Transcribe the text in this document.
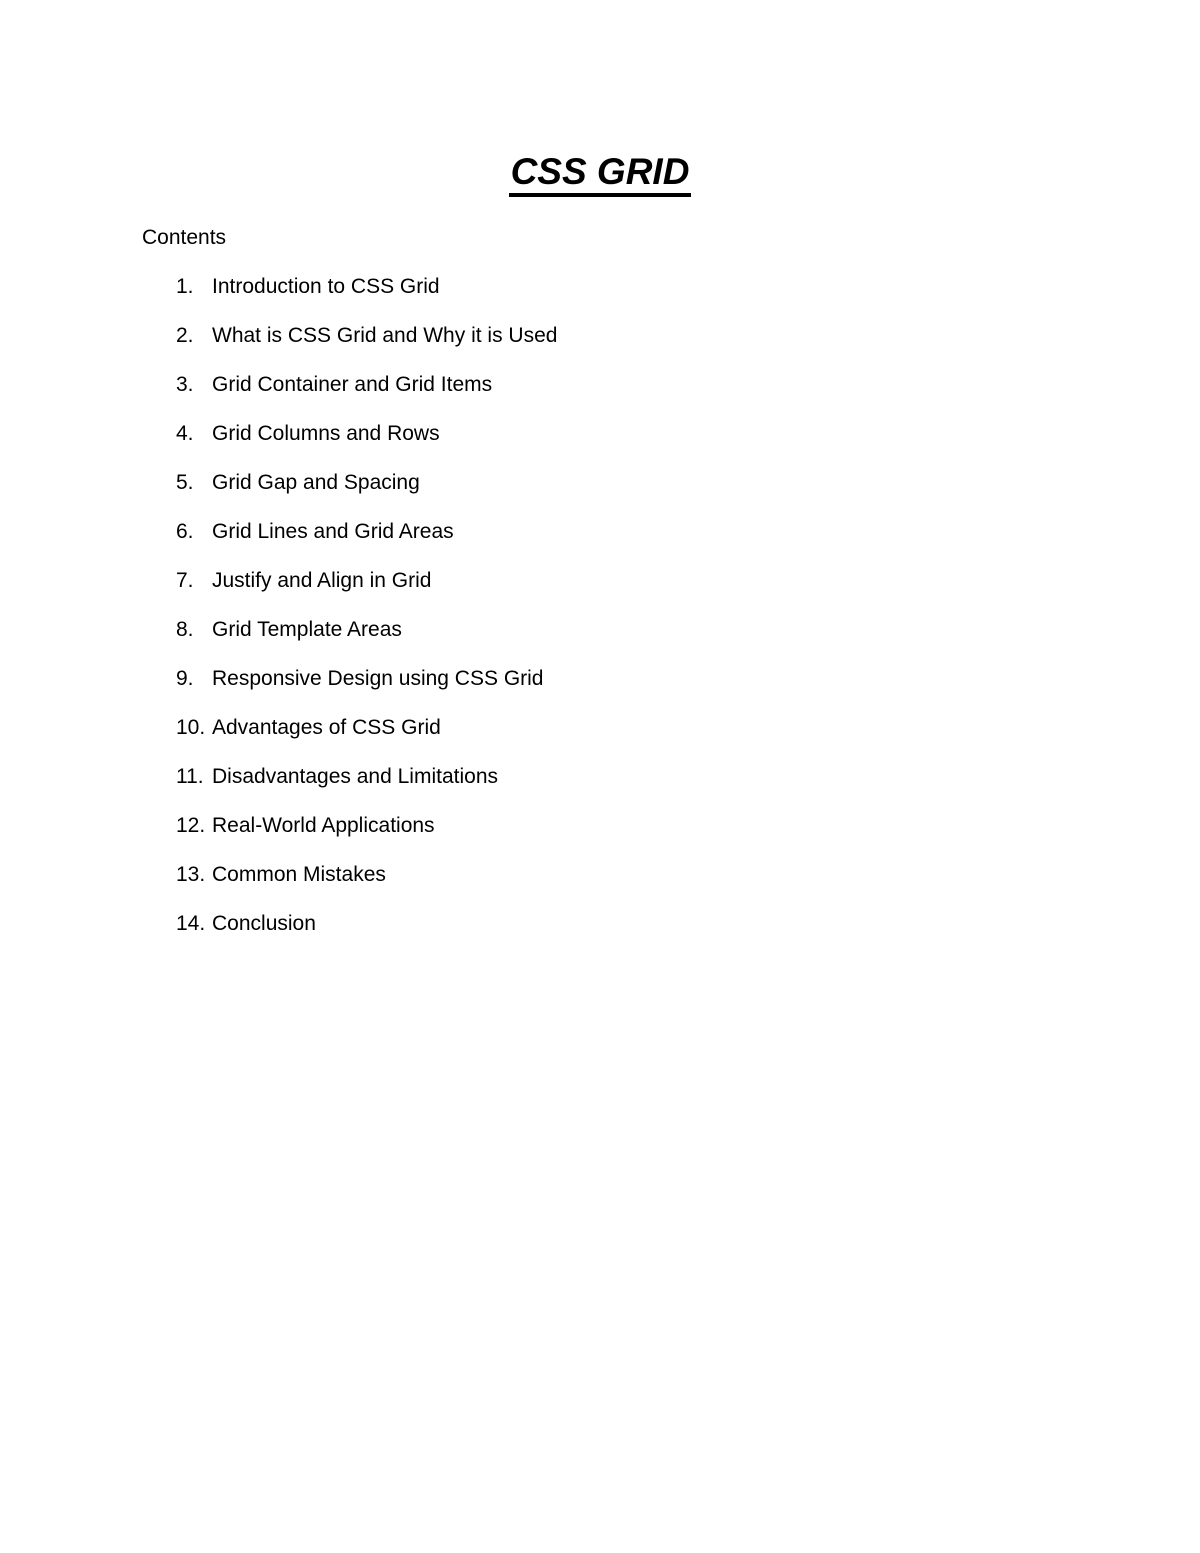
CSS GRID
Contents
1. Introduction to CSS Grid
2. What is CSS Grid and Why it is Used
3. Grid Container and Grid Items
4. Grid Columns and Rows
5. Grid Gap and Spacing
6. Grid Lines and Grid Areas
7. Justify and Align in Grid
8. Grid Template Areas
9. Responsive Design using CSS Grid
10. Advantages of CSS Grid
11. Disadvantages and Limitations
12. Real-World Applications
13. Common Mistakes
14. Conclusion
